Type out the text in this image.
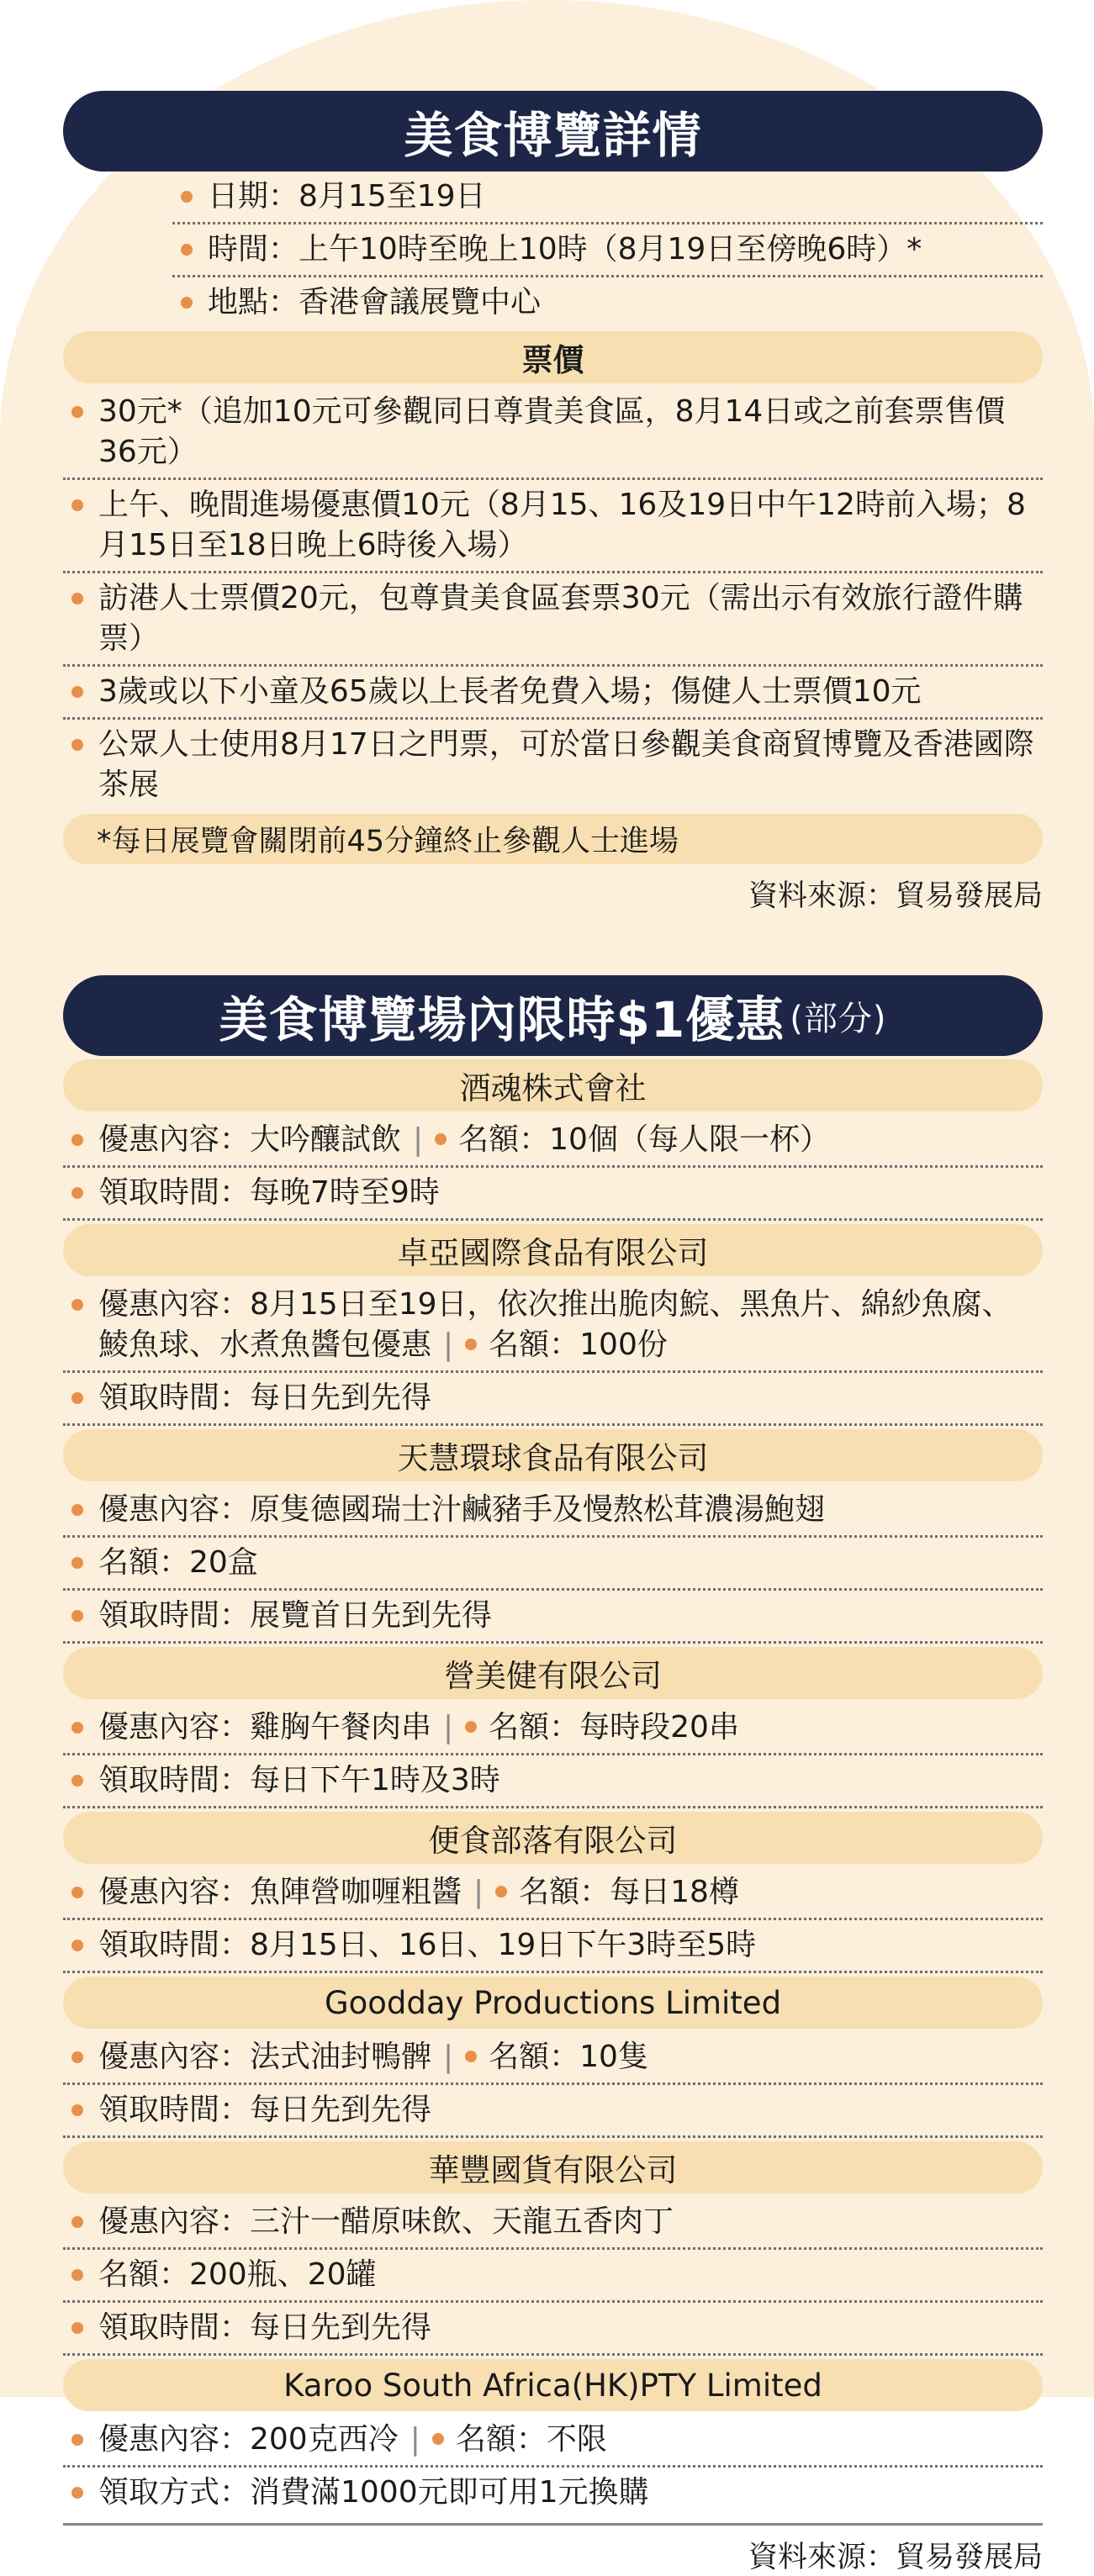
美食博覽詳情
日期：8月15至19日
時間：上午10時至晚上10時（8月19日至傍晚6時）*
地點：香港會議展覽中心
票價
30元*（追加10元可參觀同日尊貴美食區，8月14日或之前套票售價36元）
上午、晚間進場優惠價10元（8月15、16及19日中午12時前入場；8月15日至18日晚上6時後入場）
訪港人士票價20元，包尊貴美食區套票30元（需出示有效旅行證件購票）
3歲或以下小童及65歲以上長者免費入場；傷健人士票價10元
公眾人士使用8月17日之門票，可於當日參觀美食商貿博覽及香港國際茶展
*每日展覽會關閉前45分鐘終止參觀人士進場
資料來源：貿易發展局
美食博覽場內限時$1優惠 (部分)
酒魂株式會社
優惠內容：大吟釀試飲 | 名額：10個（每人限一杯）
領取時間：每晚7時至9時
卓亞國際食品有限公司
優惠內容：8月15日至19日，依次推出脆肉鯇、黑魚片、綿紗魚腐、鯪魚球、水煮魚醬包優惠 | 名額：100份
領取時間：每日先到先得
天慧環球食品有限公司
優惠內容：原隻德國瑞士汁鹹豬手及慢熬松茸濃湯鮑翅
名額：20盒
領取時間：展覽首日先到先得
營美健有限公司
優惠內容：雞胸午餐肉串 | 名額：每時段20串
領取時間：每日下午1時及3時
便食部落有限公司
優惠內容：魚陣營咖喱粗醬 | 名額：每日18樽
領取時間：8月15日、16日、19日下午3時至5時
Goodday Productions Limited
優惠內容：法式油封鴨髀 | 名額：10隻
領取時間：每日先到先得
華豐國貨有限公司
優惠內容：三汁一醋原味飲、天龍五香肉丁
名額：200瓶、20罐
領取時間：每日先到先得
Karoo South Africa(HK)PTY Limited
優惠內容：200克西冷 | 名額：不限
領取方式：消費滿1000元即可用1元換購
資料來源：貿易發展局
